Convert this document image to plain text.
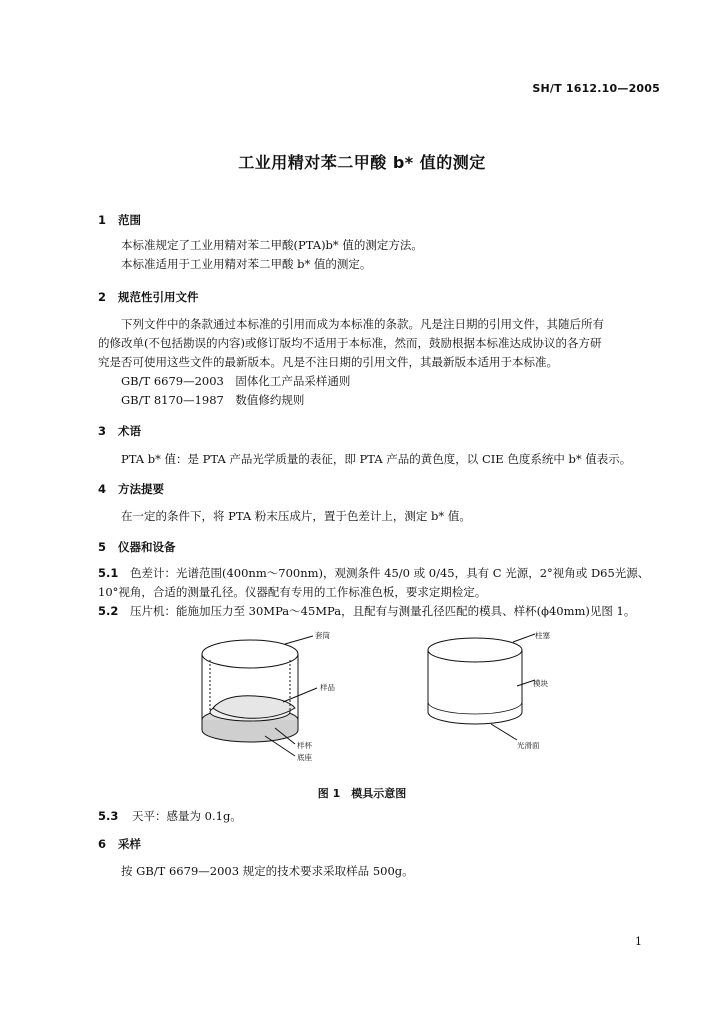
SH/T 1612.10—2005
工业用精对苯二甲酸 b* 值的测定
1 范围
本标准规定了工业用精对苯二甲酸(PTA)b* 值的测定方法。
本标准适用于工业用精对苯二甲酸 b* 值的测定。
2 规范性引用文件
下列文件中的条款通过本标准的引用而成为本标准的条款。凡是注日期的引用文件，其随后所有
的修改单(不包括勘误的内容)或修订版均不适用于本标准，然而，鼓励根据本标准达成协议的各方研
究是否可使用这些文件的最新版本。凡是不注日期的引用文件，其最新版本适用于本标准。
GB/T 6679—2003　固体化工产品采样通则
GB/T 8170—1987　数值修约规则
3 术语
PTA b* 值：是 PTA 产品光学质量的表征，即 PTA 产品的黄色度，以 CIE 色度系统中 b* 值表示。
4 方法提要
在一定的条件下，将 PTA 粉末压成片，置于色差计上，测定 b* 值。
5 仪器和设备
5.1 色差计：光谱范围(400nm～700nm)，观测条件 45/0 或 0/45，具有 C 光源，2°视角或 D65光源、
10°视角，合适的测量孔径。仪器配有专用的工作标准色板，要求定期检定。
5.2 压片机：能施加压力至 30MPa～45MPa，且配有与测量孔径匹配的模具、样杯(ϕ40mm)见图 1。
套筒
样品
样杯
底座
柱塞
模块
光滑面
图 1　模具示意图
5.3 天平：感量为 0.1g。
6 采样
按 GB/T 6679—2003 规定的技术要求采取样品 500g。
1
